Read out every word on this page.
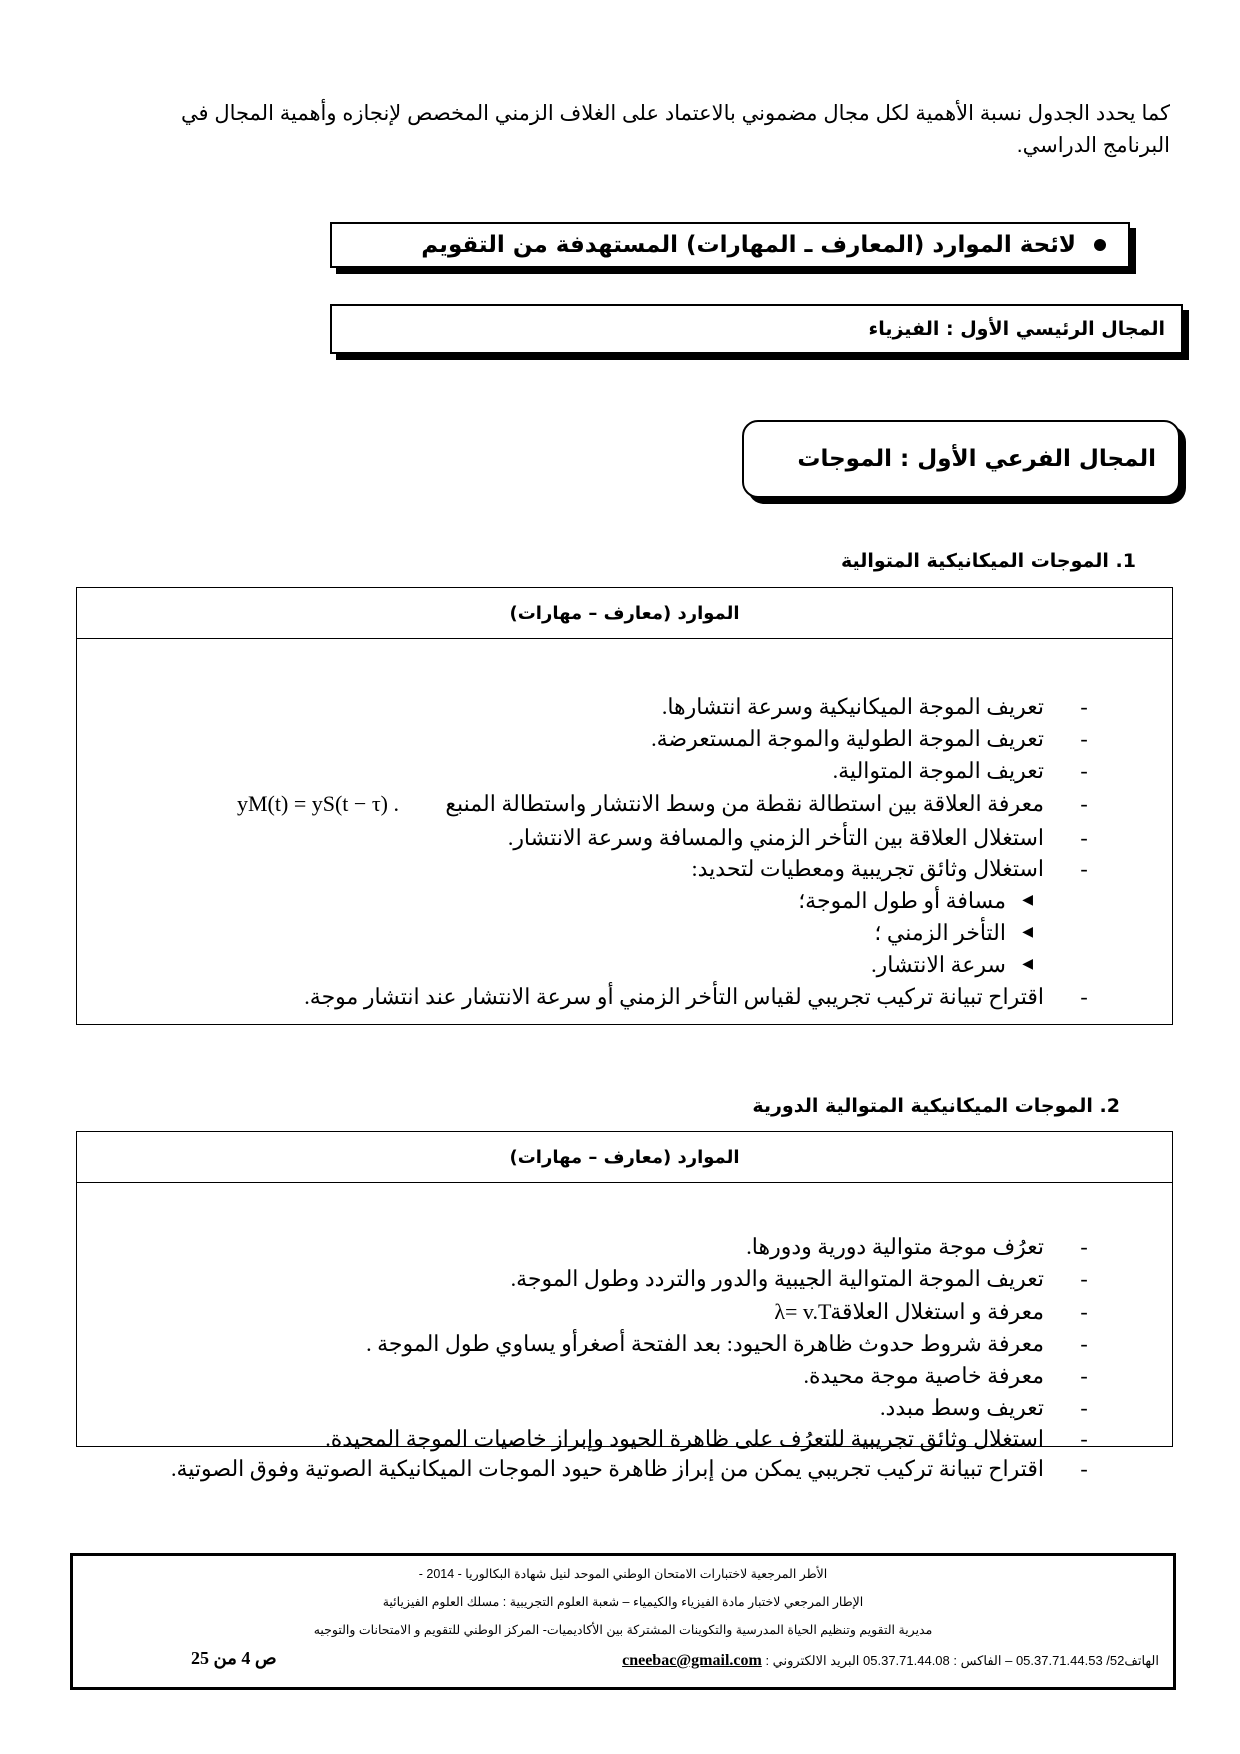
كما يحدد الجدول نسبة الأهمية لكل مجال مضموني بالاعتماد على الغلاف الزمني المخصص لإنجازه وأهمية المجال في
البرنامج الدراسي.
لائحة الموارد (المعارف ـ المهارات) المستهدفة من التقويم
المجال الرئيسي الأول : الفيزياء
المجال الفرعي الأول : الموجات
1. الموجات الميكانيكية المتوالية
الموارد (معارف – مهارات)
-
تعريف الموجة الميكانيكية وسرعة انتشارها.
-
تعريف الموجة الطولية والموجة المستعرضة.
-
تعريف الموجة المتوالية.
-
معرفة العلاقة بين استطالة نقطة من وسط الانتشار واستطالة المنبع
yM(t) = yS(t − τ) .
-
استغلال العلاقة بين التأخر الزمني والمسافة وسرعة الانتشار.
-
استغلال وثائق تجريبية ومعطيات لتحديد:
◀
مسافة أو طول الموجة؛
◀
التأخر الزمني ؛
◀
سرعة الانتشار.
-
اقتراح تبيانة تركيب تجريبي لقياس التأخر الزمني أو سرعة الانتشار عند انتشار موجة.
2. الموجات الميكانيكية المتوالية الدورية
الموارد (معارف – مهارات)
-
تعرُف موجة متوالية دورية ودورها.
-
تعريف الموجة المتوالية الجيبية والدور والتردد وطول الموجة.
-
معرفة و استغلال العلاقة
λ= v.T .
-
معرفة شروط حدوث ظاهرة الحيود: بعد الفتحة أصغرأو يساوي طول الموجة .
-
معرفة خاصية موجة محيدة.
-
تعريف وسط مبدد.
-
استغلال وثائق تجريبية للتعرُف على ظاهرة الحيود وإبراز خاصيات الموجة المحيدة.
-
اقتراح تبيانة تركيب تجريبي يمكن من إبراز ظاهرة حيود الموجات الميكانيكية الصوتية وفوق الصوتية.
الأطر المرجعية لاختبارات الامتحان الوطني الموحد لنيل شهادة البكالوريا - 2014 -
الإطار المرجعي لاختبار مادة الفيزياء والكيمياء – شعبة العلوم التجريبية : مسلك العلوم الفيزيائية
مديرية التقويم وتنظيم الحياة المدرسية والتكوينات المشتركة بين الأكاديميات- المركز الوطني للتقويم و الامتحانات والتوجيه
الهاتف52/ 05.37.71.44.53 – الفاكس : 05.37.71.44.08 البريد الالكتروني : cneebac@gmail.com
ص 4 من 25
